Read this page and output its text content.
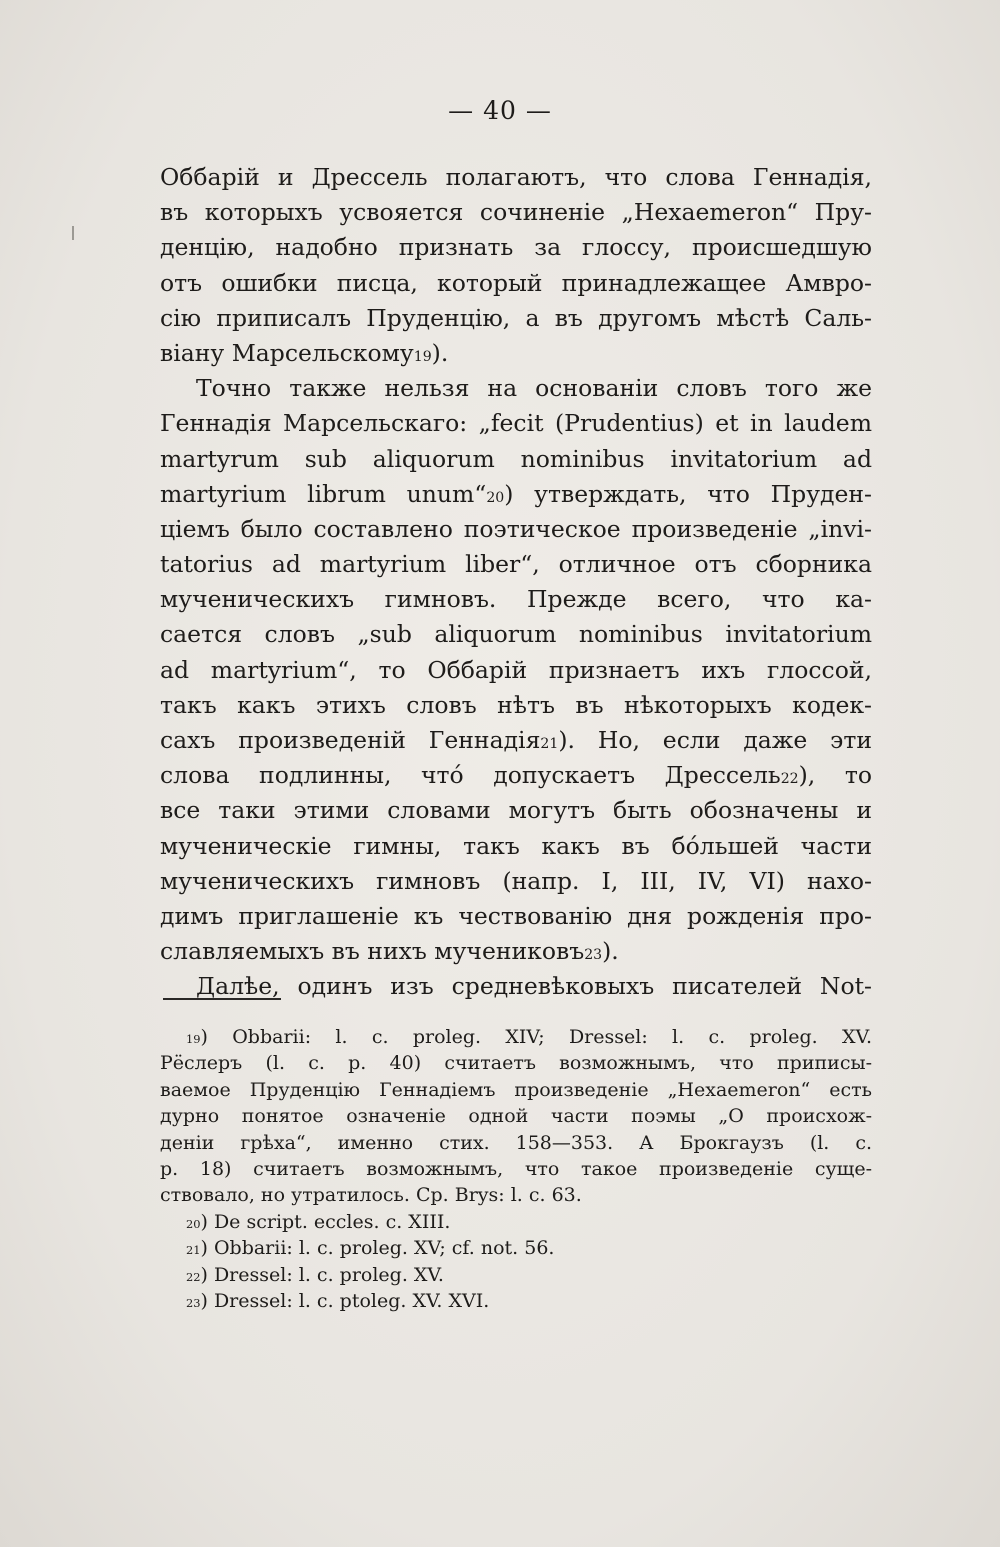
— 40 —
Оббарій и Дрессель полагаютъ, что слова Геннадія,
въ которыхъ усвояется сочиненіе „Hexaemeron“ Пру-
денцію, надобно признать за глоссу, происшедшую
отъ ошибки писца, который принадлежащее Амвро-
сію приписалъ Пруденцію, а въ другомъ мѣстѣ Саль-
віану Марсельскому$^{19}$).
Точно также нельзя на основаніи словъ того же
Геннадія Марсельскаго: „fecit (Prudentius) et in laudem
martyrum sub aliquorum nominibus invitatorium ad
martyrium librum unum“$^{20}$) утверждать, что Пруден-
ціемъ было составлено поэтическое произведеніе „invi-
tatorius ad martyrium liber“, отличное отъ сборника
мученическихъ гимновъ. Прежде всего, что ка-
сается словъ „sub aliquorum nominibus invitatorium
ad martyrium“, то Оббарій признаетъ ихъ глоссой,
такъ какъ этихъ словъ нѣтъ въ нѣкоторыхъ кодек-
сахъ произведеній Геннадія$^{21}$). Но, если даже эти
слова подлинны, что́ допускаетъ Дрессель$^{22}$), то
все таки этими словами могутъ быть обозначены и
мученическіе гимны, такъ какъ въ бо́льшей части
мученическихъ гимновъ (напр. I, III, IV, VI) нахо-
димъ приглашеніе къ чествованію дня рожденія про-
славляемыхъ въ нихъ мучениковъ$^{23}$).
Далѣе, одинъ изъ средневѣковыхъ писателей Not-
$^{19}$) Obbarii: l. c. proleg. XIV; Dressel: l. c. proleg. XV.
Рёслеръ (l. c. p. 40) считаетъ возможнымъ, что приписы-
ваемое Пруденцію Геннадіемъ произведеніе „Hexaemeron“ есть
дурно понятое означеніе одной части поэмы „О происхож-
деніи грѣха“, именно стих. 158—353. А Брокгаузъ (l. c.
p. 18) считаетъ возможнымъ, что такое произведеніе суще-
ствовало, но утратилось. Ср. Brys: l. c. 63.
$^{20}$) De script. eccles. c. XIII.
$^{21}$) Obbarii: l. c. proleg. XV; cf. not. 56.
$^{22}$) Dressel: l. c. proleg. XV.
$^{23}$) Dressel: l. c. ptoleg. XV. XVI.
